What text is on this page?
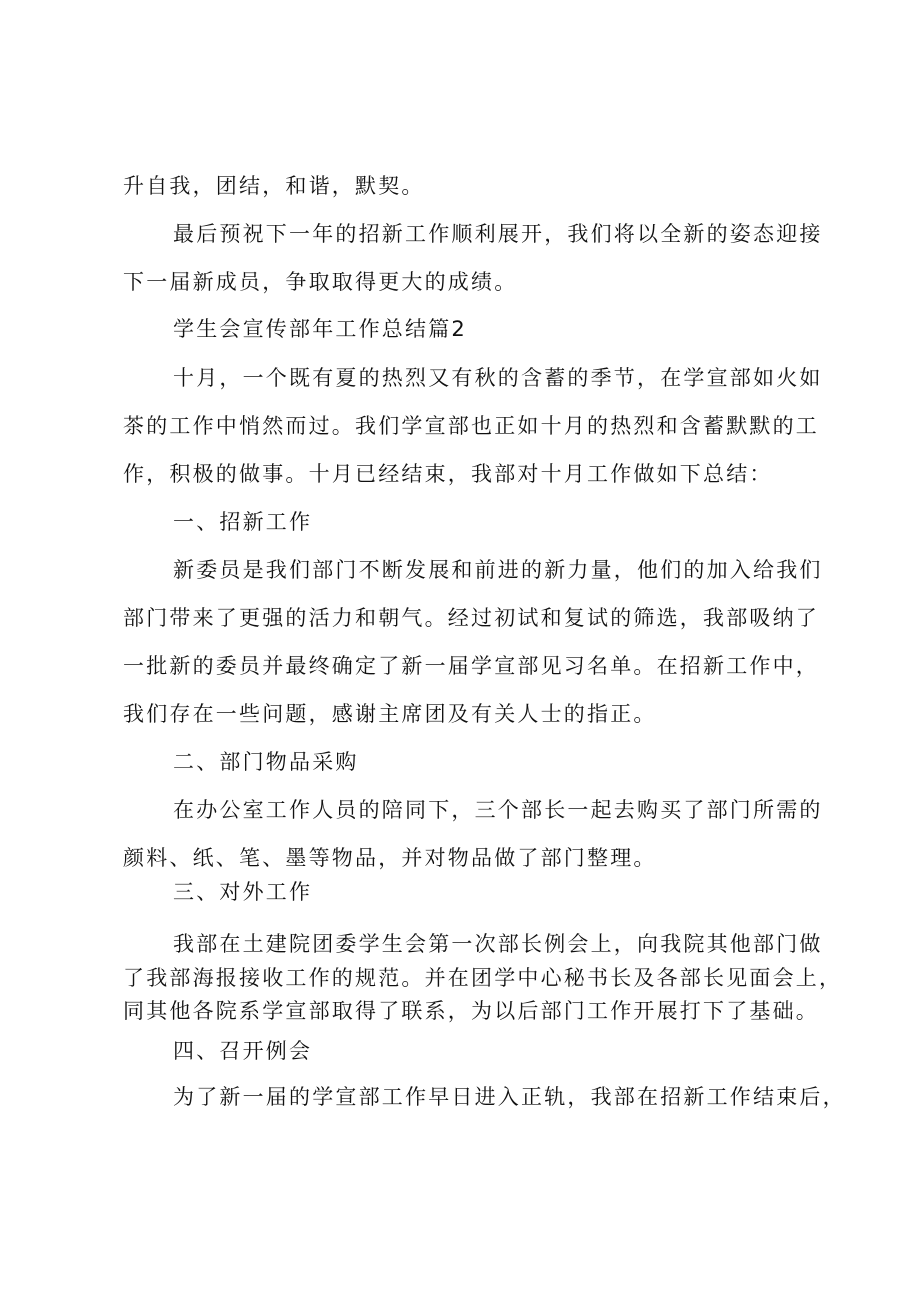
升自我，团结，和谐，默契。
最后预祝下一年的招新工作顺利展开，我们将以全新的姿态迎接
下一届新成员，争取取得更大的成绩。
学生会宣传部年工作总结篇2
十月，一个既有夏的热烈又有秋的含蓄的季节，在学宣部如火如
茶的工作中悄然而过。我们学宣部也正如十月的热烈和含蓄默默的工
作，积极的做事。十月已经结束，我部对十月工作做如下总结：
一、招新工作
新委员是我们部门不断发展和前进的新力量，他们的加入给我们
部门带来了更强的活力和朝气。经过初试和复试的筛选，我部吸纳了
一批新的委员并最终确定了新一届学宣部见习名单。在招新工作中，
我们存在一些问题，感谢主席团及有关人士的指正。
二、部门物品采购
在办公室工作人员的陪同下，三个部长一起去购买了部门所需的
颜料、纸、笔、墨等物品，并对物品做了部门整理。
三、对外工作
我部在土建院团委学生会第一次部长例会上，向我院其他部门做
了我部海报接收工作的规范。并在团学中心秘书长及各部长见面会上，
同其他各院系学宣部取得了联系，为以后部门工作开展打下了基础。
四、召开例会
为了新一届的学宣部工作早日进入正轨，我部在招新工作结束后，
